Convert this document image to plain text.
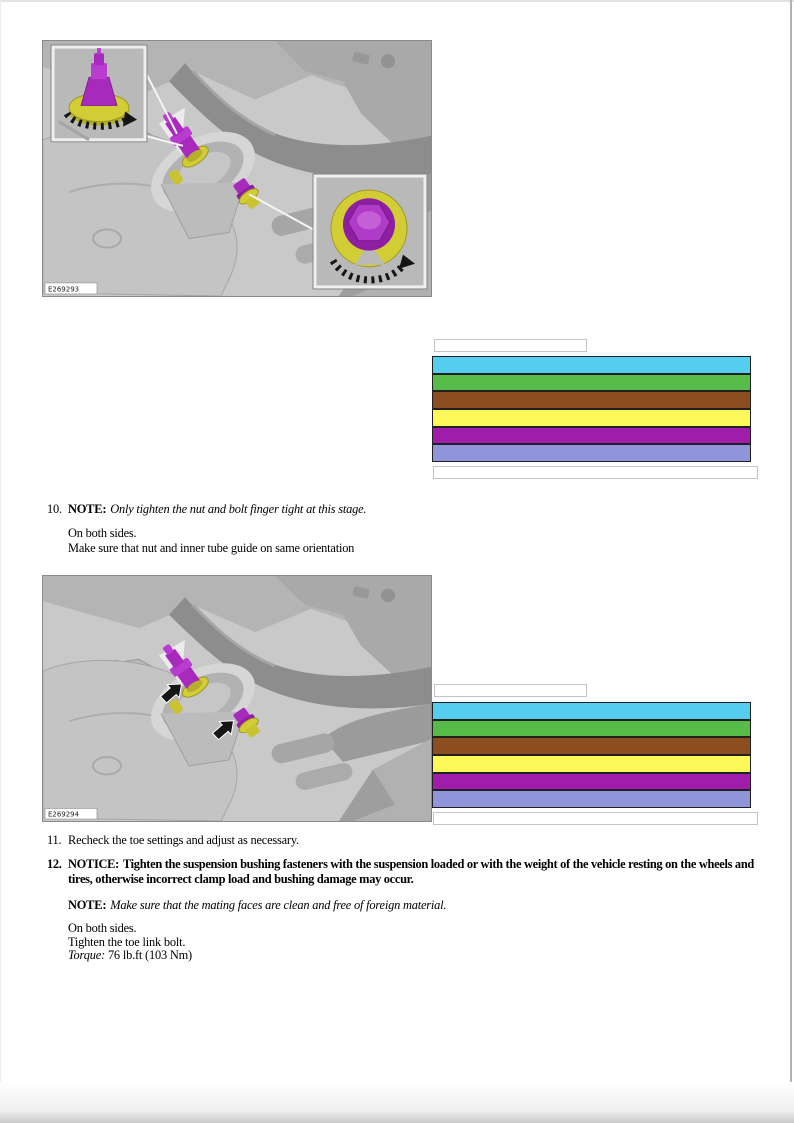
E269293
10. NOTE: Only tighten the nut and bolt finger tight at this stage.
On both sides.
Make sure that nut and inner tube guide on same orientation
E269294
11. Recheck the toe settings and adjust as necessary.
12. NOTICE: Tighten the suspension bushing fasteners with the suspension loaded or with the weight of the vehicle resting on the wheels and tires, otherwise incorrect clamp load and bushing damage may occur.
NOTE: Make sure that the mating faces are clean and free of foreign material.
On both sides.
Tighten the toe link bolt.
Torque: 76 lb.ft (103 Nm)
